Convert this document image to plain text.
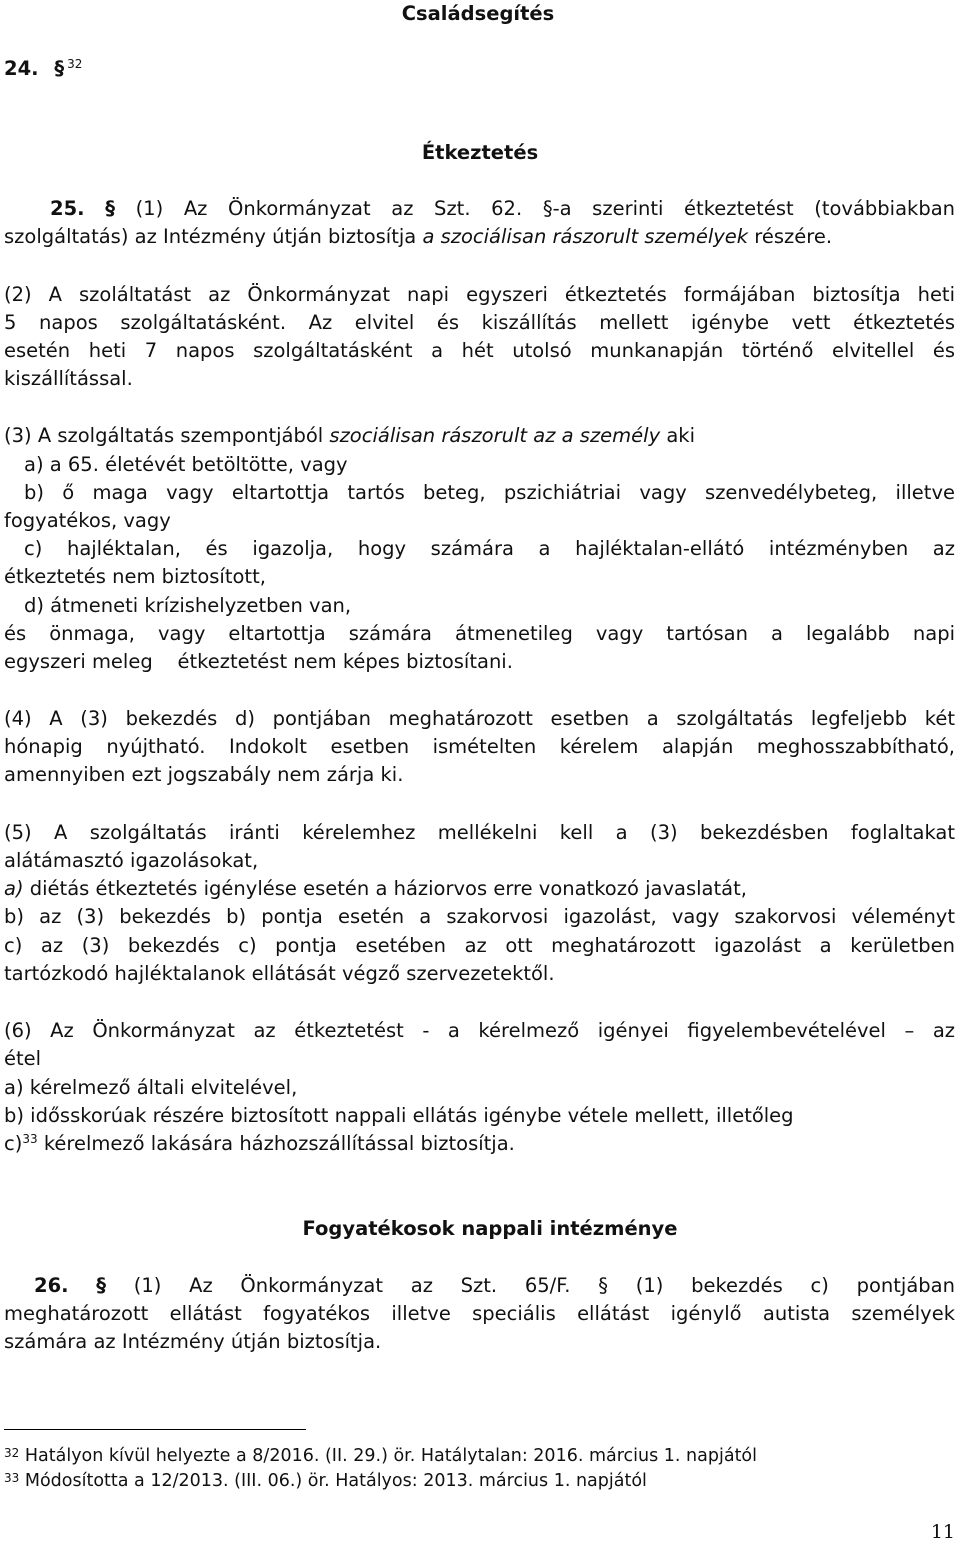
Családsegítés
24. § $^{32}$
Étkeztetés
25. § (1) Az Önkormányzat az Szt. 62. §-a szerinti étkeztetést (továbbiakban
szolgáltatás) az Intézmény útján biztosítja a szociálisan rászorult személyek részére.
(2) A szoláltatást az Önkormányzat napi egyszeri étkeztetés formájában biztosítja heti
5 napos szolgáltatásként. Az elvitel és kiszállítás mellett igénybe vett étkeztetés
esetén heti 7 napos szolgáltatásként a hét utolsó munkanapján történő elvitellel és
kiszállítással.
(3) A szolgáltatás szempontjából szociálisan rászorult az a személy aki
a) a 65. életévét betöltötte, vagy
b) ő maga vagy eltartottja tartós beteg, pszichiátriai vagy szenvedélybeteg, illetve
fogyatékos, vagy
c) hajléktalan, és igazolja, hogy számára a hajléktalan-ellátó intézményben az
étkeztetés nem biztosított,
d) átmeneti krízishelyzetben van,
és önmaga, vagy eltartottja számára átmenetileg vagy tartósan a legalább napi
egyszeri meleg    étkeztetést nem képes biztosítani.
(4) A (3) bekezdés d) pontjában meghatározott esetben a szolgáltatás legfeljebb két
hónapig nyújtható. Indokolt esetben ismételten kérelem alapján meghosszabbítható,
amennyiben ezt jogszabály nem zárja ki.
(5) A szolgáltatás iránti kérelemhez mellékelni kell a (3) bekezdésben foglaltakat
alátámasztó igazolásokat,
a) diétás étkeztetés igénylése esetén a háziorvos erre vonatkozó javaslatát,
b) az (3) bekezdés b) pontja esetén a szakorvosi igazolást, vagy szakorvosi véleményt
c) az (3) bekezdés c) pontja esetében az ott meghatározott igazolást a kerületben
tartózkodó hajléktalanok ellátását végző szervezetektől.
(6) Az Önkormányzat az étkeztetést - a kérelmező igényei figyelembevételével – az
étel
a) kérelmező általi elvitelével,
b) idősskorúak részére biztosított nappali ellátás igénybe vétele mellett, illetőleg
c)$^{33}$ kérelmező lakására házhozszállítással biztosítja.
Fogyatékosok nappali intézménye
26. § (1) Az Önkormányzat az Szt. 65/F. § (1) bekezdés c) pontjában
meghatározott ellátást fogyatékos illetve speciális ellátást igénylő autista személyek
számára az Intézmény útján biztosítja.
$^{32}$ Hatályon kívül helyezte a 8/2016. (II. 29.) ör. Hatálytalan: 2016. március 1. napjától
$^{33}$ Módosította a 12/2013. (III. 06.) ör. Hatályos: 2013. március 1. napjától
11
